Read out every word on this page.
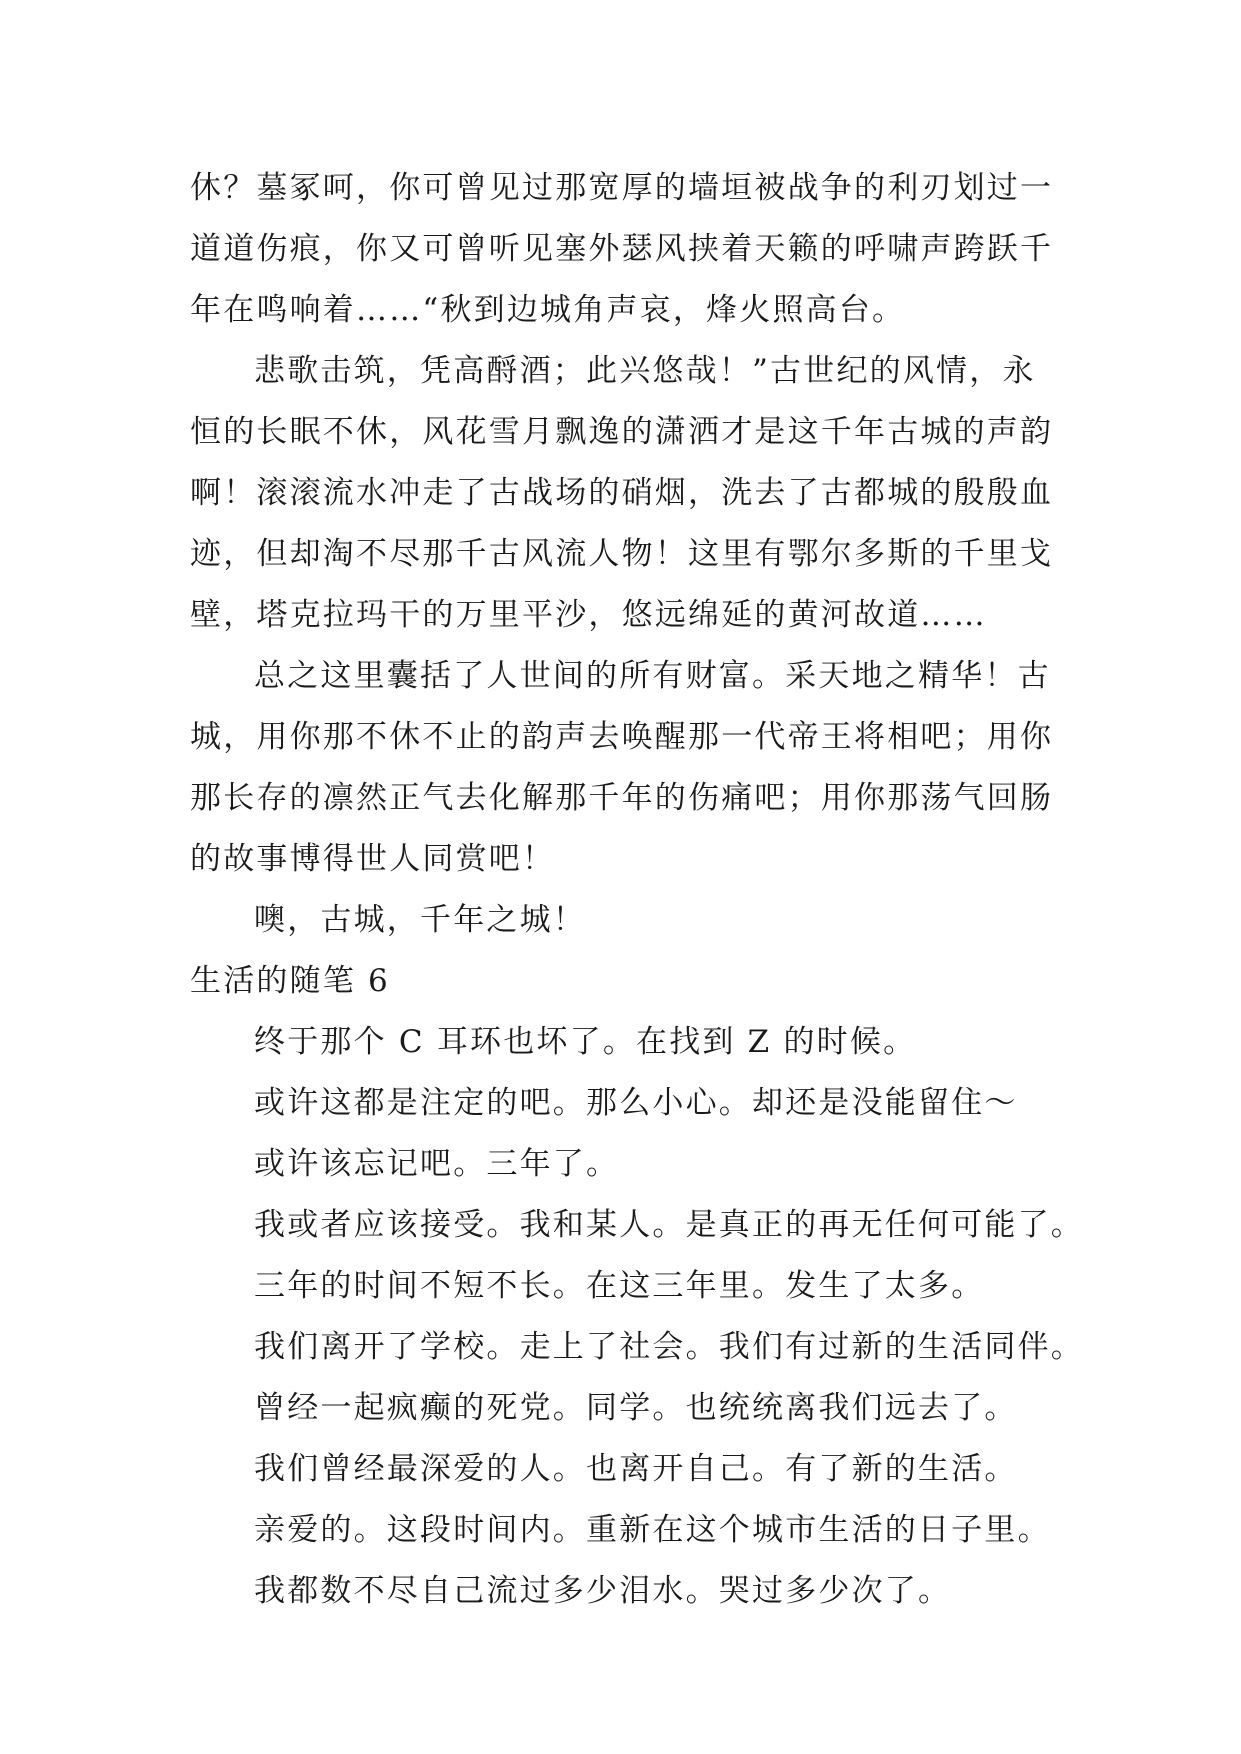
休？墓冢呵，你可曾见过那宽厚的墙垣被战争的利刃划过一
道道伤痕，你又可曾听见塞外瑟风挟着天籁的呼啸声跨跃千
年在鸣响着……“秋到边城角声哀，烽火照高台。
悲歌击筑，凭高酹酒；此兴悠哉！”古世纪的风情，永
恒的长眠不休，风花雪月飘逸的潇洒才是这千年古城的声韵
啊！滚滚流水冲走了古战场的硝烟，洗去了古都城的殷殷血
迹，但却淘不尽那千古风流人物！这里有鄂尔多斯的千里戈
壁，塔克拉玛干的万里平沙，悠远绵延的黄河故道……
总之这里囊括了人世间的所有财富。采天地之精华！古
城，用你那不休不止的韵声去唤醒那一代帝王将相吧；用你
那长存的凛然正气去化解那千年的伤痛吧；用你那荡气回肠
的故事博得世人同赏吧！
噢，古城，千年之城！
生活的随笔 6
终于那个 C 耳环也坏了。在找到 Z 的时候。
或许这都是注定的吧。那么小心。却还是没能留住～
或许该忘记吧。三年了。
我或者应该接受。我和某人。是真正的再无任何可能了。
三年的时间不短不长。在这三年里。发生了太多。
我们离开了学校。走上了社会。我们有过新的生活同伴。
曾经一起疯癫的死党。同学。也统统离我们远去了。
我们曾经最深爱的人。也离开自己。有了新的生活。
亲爱的。这段时间内。重新在这个城市生活的日子里。
我都数不尽自己流过多少泪水。哭过多少次了。
